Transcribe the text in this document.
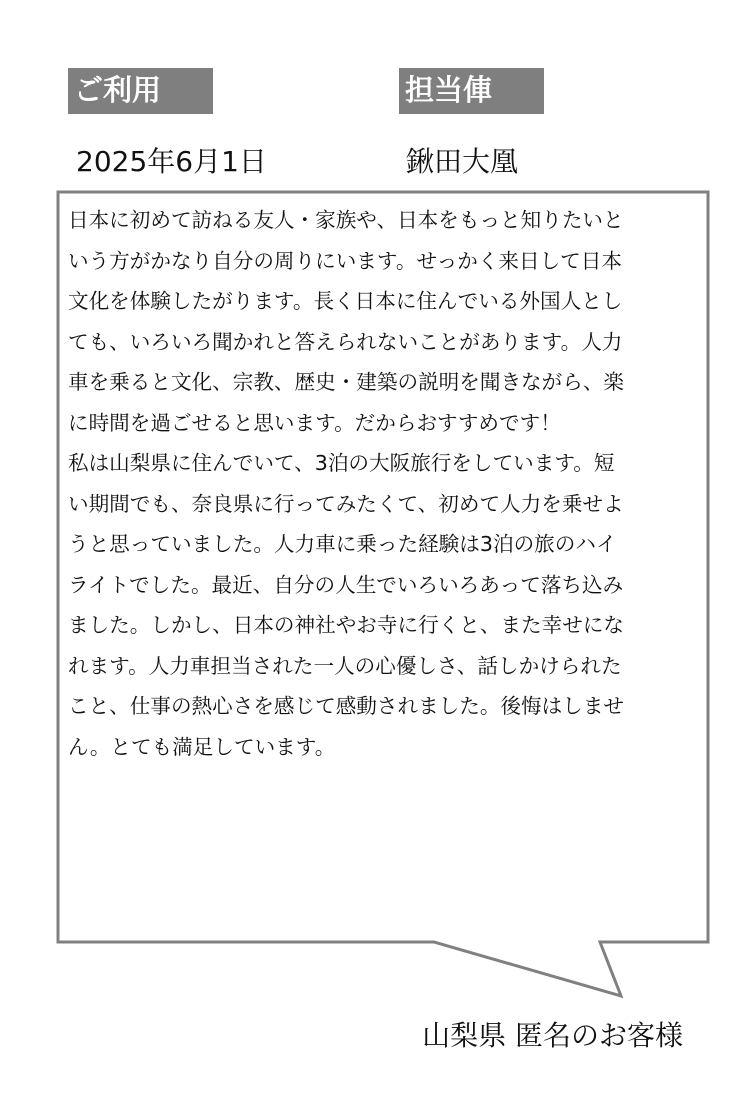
ご利用	担当俥
2025年6月1日	鍬田大凰

日本に初めて訪ねる友人・家族や、日本をもっと知りたいと
いう方がかなり自分の周りにいます。せっかく来日して日本
文化を体験したがります。長く日本に住んでいる外国人とし
ても、いろいろ聞かれと答えられないことがあります。人力
車を乗ると文化、宗教、歴史・建築の説明を聞きながら、楽
に時間を過ごせると思います。だからおすすめです！
私は山梨県に住んでいて、3泊の大阪旅行をしています。短
い期間でも、奈良県に行ってみたくて、初めて人力を乗せよ
うと思っていました。人力車に乗った経験は3泊の旅のハイ
ライトでした。最近、自分の人生でいろいろあって落ち込み
ました。しかし、日本の神社やお寺に行くと、また幸せにな
れます。人力車担当された一人の心優しさ、話しかけられた
こと、仕事の熱心さを感じて感動されました。後悔はしませ
ん。とても満足しています。

山梨県 匿名のお客様
